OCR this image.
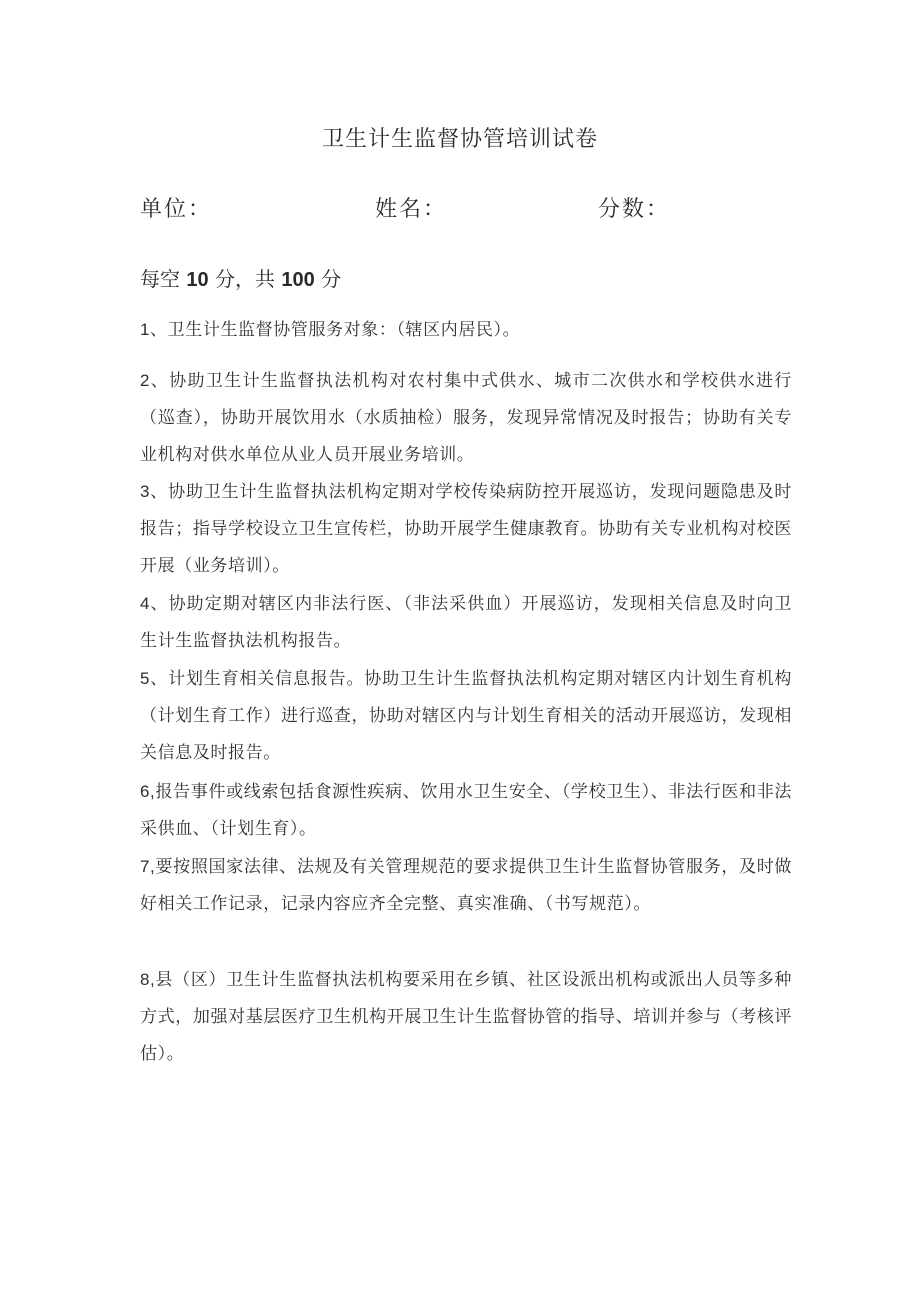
卫生计生监督协管培训试卷
单位：	姓名：	分数：
每空 10 分，共 100 分
1、卫生计生监督协管服务对象：（辖区内居民）。
2、协助卫生计生监督执法机构对农村集中式供水、城市二次供水和学校供水进行（巡查），协助开展饮用水（水质抽检）服务，发现异常情况及时报告；协助有关专业机构对供水单位从业人员开展业务培训。
3、协助卫生计生监督执法机构定期对学校传染病防控开展巡访，发现问题隐患及时报告；指导学校设立卫生宣传栏，协助开展学生健康教育。协助有关专业机构对校医开展（业务培训）。
4、协助定期对辖区内非法行医、（非法采供血）开展巡访，发现相关信息及时向卫生计生监督执法机构报告。
5、计划生育相关信息报告。协助卫生计生监督执法机构定期对辖区内计划生育机构（计划生育工作）进行巡查，协助对辖区内与计划生育相关的活动开展巡访，发现相关信息及时报告。
6,报告事件或线索包括食源性疾病、饮用水卫生安全、（学校卫生）、非法行医和非法采供血、（计划生育）。
7,要按照国家法律、法规及有关管理规范的要求提供卫生计生监督协管服务，及时做好相关工作记录，记录内容应齐全完整、真实准确、（书写规范）。
8,县（区）卫生计生监督执法机构要采用在乡镇、社区设派出机构或派出人员等多种方式，加强对基层医疗卫生机构开展卫生计生监督协管的指导、培训并参与（考核评估）。
